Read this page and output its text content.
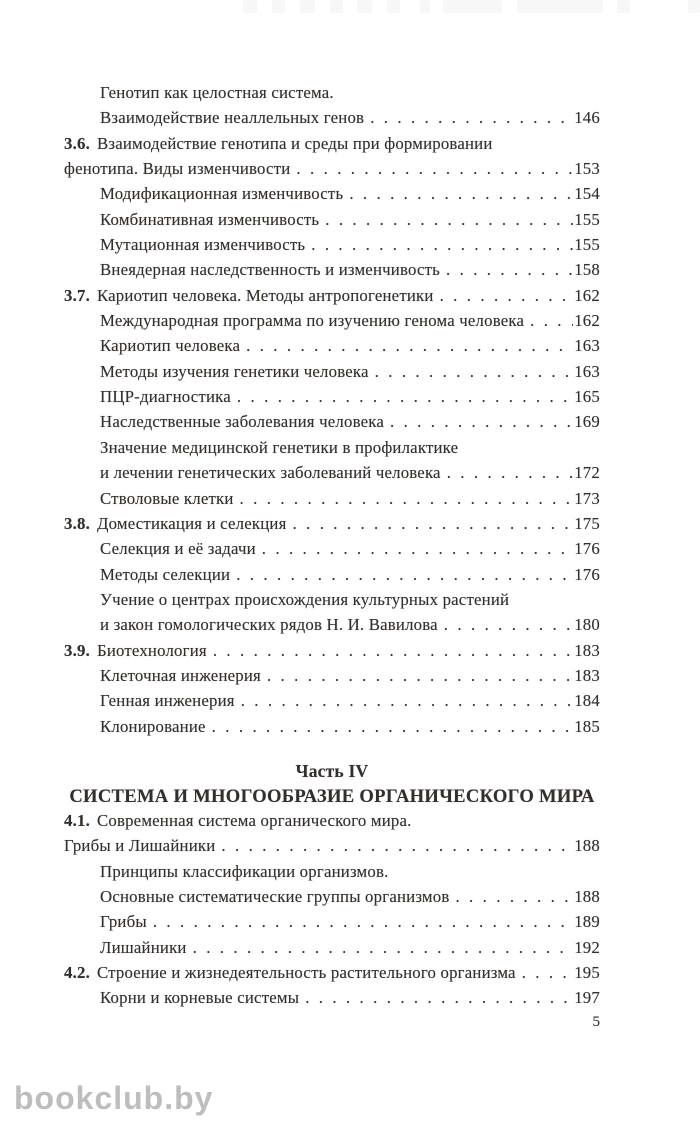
Генотип как целостная система.
Взаимодействие неаллельных генов . . .	146
3.6. Взаимодействие генотипа и среды при формировании
фенотипа. Виды изменчивости . . .	153
Модификационная изменчивость . . .	154
Комбинативная изменчивость . . .	155
Мутационная изменчивость . . .	155
Внеядерная наследственность и изменчивость . . .	158
3.7. Кариотип человека. Методы антропогенетики . . .	162
Международная программа по изучению генома человека . . .	162
Кариотип человека . . .	163
Методы изучения генетики человека . . .	163
ПЦР-диагностика . . .	165
Наследственные заболевания человека . . .	169
Значение медицинской генетики в профилактике
и лечении генетических заболеваний человека . . .	172
Стволовые клетки . . .	173
3.8. Доместикация и селекция . . .	175
Селекция и её задачи . . .	176
Методы селекции . . .	176
Учение о центрах происхождения культурных растений
и закон гомологических рядов Н. И. Вавилова . . .	180
3.9. Биотехнология . . .	183
Клеточная инженерия . . .	183
Генная инженерия . . .	184
Клонирование . . .	185
Часть IV
СИСТЕМА И МНОГООБРАЗИЕ ОРГАНИЧЕСКОГО МИРА
4.1. Современная система органического мира.
Грибы и Лишайники . . .	188
Принципы классификации организмов.
Основные систематические группы организмов . . .	188
Грибы . . .	189
Лишайники . . .	192
4.2. Строение и жизнедеятельность растительного организма . . .	195
Корни и корневые системы . . .	197
5
bookclub.by
